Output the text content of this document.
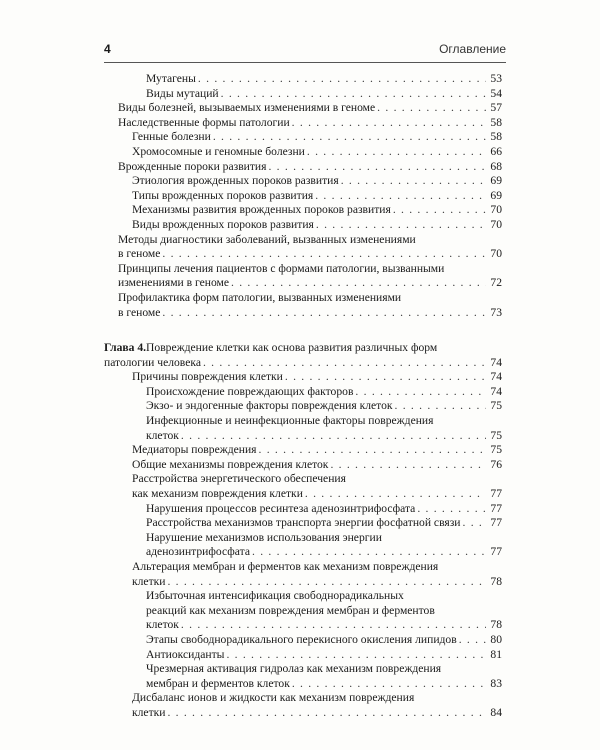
4	Оглавление
Мутагены . . .	53
Виды мутаций . . .	54
Виды болезней, вызываемых изменениями в геноме . . .	57
Наследственные формы патологии . . .	58
Генные болезни . . .	58
Хромосомные и геномные болезни . . .	66
Врожденные пороки развития . . .	68
Этиология врожденных пороков развития . . .	69
Типы врожденных пороков развития . . .	69
Механизмы развития врожденных пороков развития . . .	70
Виды врожденных пороков развития . . .	70
Методы диагностики заболеваний, вызванных изменениями
в геноме . . .	70
Принципы лечения пациентов с формами патологии, вызванными
изменениями в геноме . . .	72
Профилактика форм патологии, вызванных изменениями
в геноме . . .	73
Глава 4. Повреждение клетки как основа развития различных форм
патологии человека . . .	74
Причины повреждения клетки . . .	74
Происхождение повреждающих факторов . . .	74
Экзо- и эндогенные факторы повреждения клеток . . .	75
Инфекционные и неинфекционные факторы повреждения
клеток . . .	75
Медиаторы повреждения . . .	75
Общие механизмы повреждения клеток . . .	76
Расстройства энергетического обеспечения
как механизм повреждения клетки . . .	77
Нарушения процессов ресинтеза аденозинтрифосфата . . .	77
Расстройства механизмов транспорта энергии фосфатной связи . . .	77
Нарушение механизмов использования энергии
аденозинтрифосфата . . .	77
Альтерация мембран и ферментов как механизм повреждения
клетки . . .	78
Избыточная интенсификация свободнорадикальных
реакций как механизм повреждения мембран и ферментов
клеток . . .	78
Этапы свободнорадикального перекисного окисления липидов . . .	80
Антиоксиданты . . .	81
Чрезмерная активация гидролаз как механизм повреждения
мембран и ферментов клеток . . .	83
Дисбаланс ионов и жидкости как механизм повреждения
клетки . . .	84
